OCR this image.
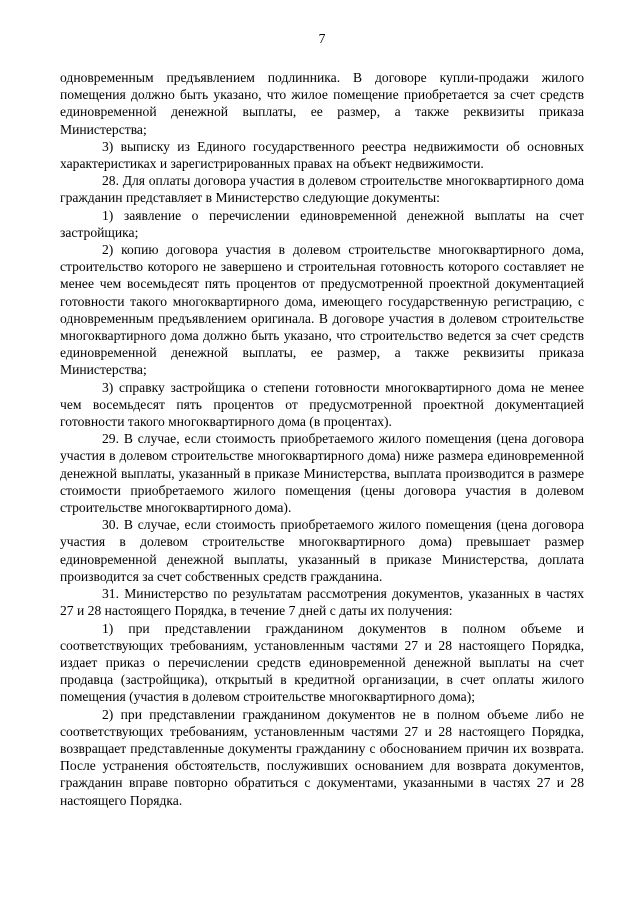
7

одновременным предъявлением подлинника. В договоре купли-продажи жилого помещения должно быть указано, что жилое помещение приобретается за счет средств единовременной денежной выплаты, ее размер, а также реквизиты приказа Министерства;

3) выписку из Единого государственного реестра недвижимости об основных характеристиках и зарегистрированных правах на объект недвижимости.

28. Для оплаты договора участия в долевом строительстве многоквартирного дома гражданин представляет в Министерство следующие документы:

1) заявление о перечислении единовременной денежной выплаты на счет застройщика;

2) копию договора участия в долевом строительстве многоквартирного дома, строительство которого не завершено и строительная готовность которого составляет не менее чем восемьдесят пять процентов от предусмотренной проектной документацией готовности такого многоквартирного дома, имеющего государственную регистрацию, с одновременным предъявлением оригинала. В договоре участия в долевом строительстве многоквартирного дома должно быть указано, что строительство ведется за счет средств единовременной денежной выплаты, ее размер, а также реквизиты приказа Министерства;

3) справку застройщика о степени готовности многоквартирного дома не менее чем восемьдесят пять процентов от предусмотренной проектной документацией готовности такого многоквартирного дома (в процентах).

29. В случае, если стоимость приобретаемого жилого помещения (цена договора участия в долевом строительстве многоквартирного дома) ниже размера единовременной денежной выплаты, указанный в приказе Министерства, выплата производится в размере стоимости приобретаемого жилого помещения (цены договора участия в долевом строительстве многоквартирного дома).

30. В случае, если стоимость приобретаемого жилого помещения (цена договора участия в долевом строительстве многоквартирного дома) превышает размер единовременной денежной выплаты, указанный в приказе Министерства, доплата производится за счет собственных средств гражданина.

31. Министерство по результатам рассмотрения документов, указанных в частях 27 и 28 настоящего Порядка, в течение 7 дней с даты их получения:

1) при представлении гражданином документов в полном объеме и соответствующих требованиям, установленным частями 27 и 28 настоящего Порядка, издает приказ о перечислении средств единовременной денежной выплаты на счет продавца (застройщика), открытый в кредитной организации, в счет оплаты жилого помещения (участия в долевом строительстве многоквартирного дома);

2) при представлении гражданином документов не в полном объеме либо не соответствующих требованиям, установленным частями 27 и 28 настоящего Порядка, возвращает представленные документы гражданину с обоснованием причин их возврата. После устранения обстоятельств, послуживших основанием для возврата документов, гражданин вправе повторно обратиться с документами, указанными в частях 27 и 28 настоящего Порядка.
